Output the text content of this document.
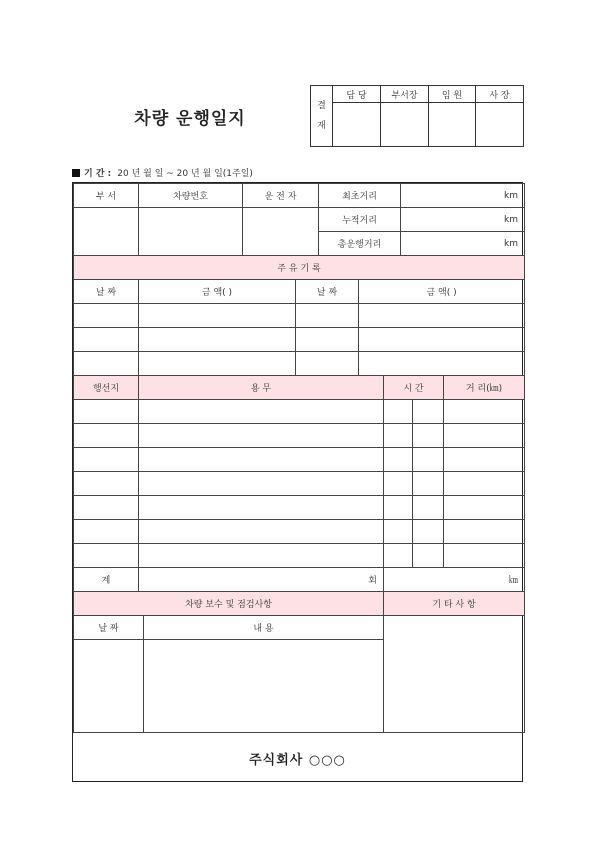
차량 운행일지
결
재	담 당	부서장	임 원	사 장

기 간 : 20 년 월 일 ~ 20 년 월 일(1주일)
부 서	차량번호	운 전 자	최초거리	km
			누적거리	km
			총운행거리	km
주 유 기 록			
날 짜	금 액( )	날 짜	금 액( )

행선지	용 무	시 간		거 리(㎞)

계	회	㎞		
차량 보수 및 점검사항		기 타 사 항
날 짜	내 용	

주식회사 ○○○
